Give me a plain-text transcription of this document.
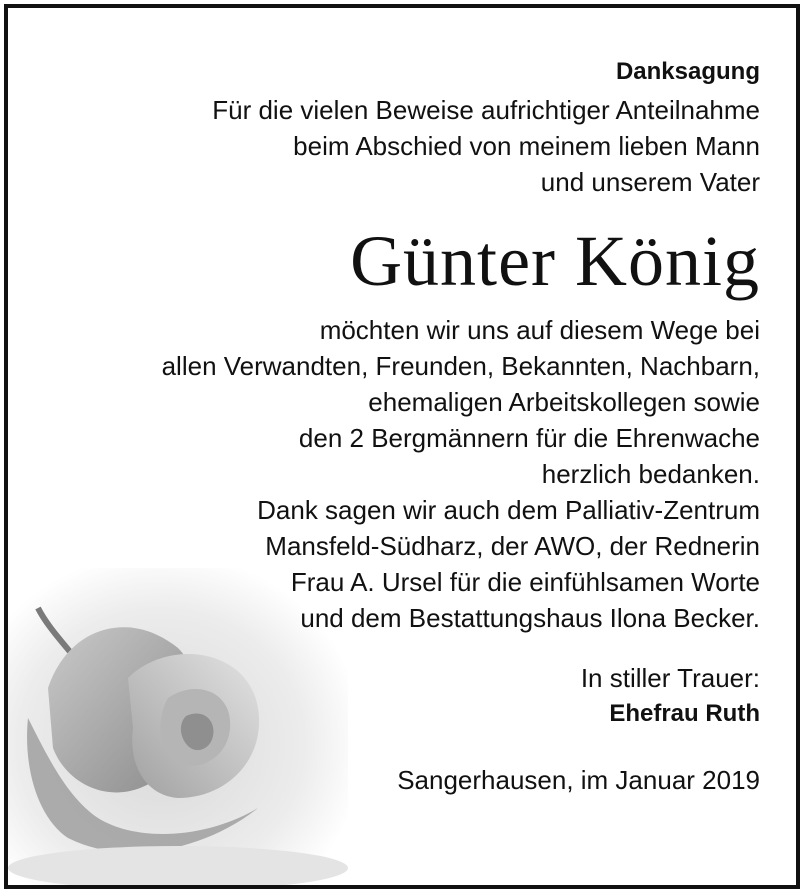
Danksagung
Für die vielen Beweise aufrichtiger Anteilnahme
beim Abschied von meinem lieben Mann
und unserem Vater
Günter König
möchten wir uns auf diesem Wege bei
allen Verwandten, Freunden, Bekannten, Nachbarn,
ehemaligen Arbeitskollegen sowie
den 2 Bergmännern für die Ehrenwache
herzlich bedanken.
Dank sagen wir auch dem Palliativ-Zentrum
Mansfeld-Südharz, der AWO, der Rednerin
Frau A. Ursel für die einfühlsamen Worte
und dem Bestattungshaus Ilona Becker.
In stiller Trauer:
Ehefrau Ruth
Sangerhausen, im Januar 2019
